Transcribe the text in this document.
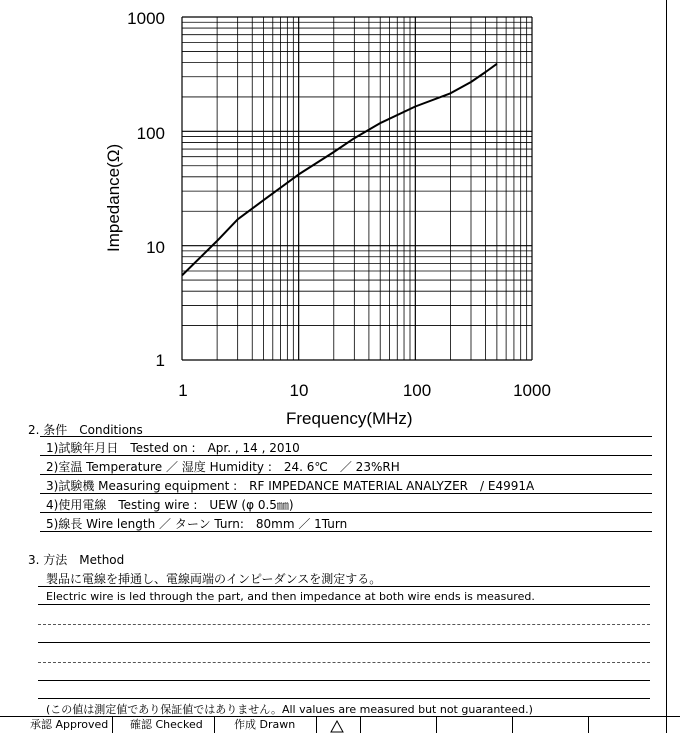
1000
100
10
1
1	10	100	1000
Impedance(Ω)
Frequency(MHz)
2. 条件　Conditions
1)試験年月日　Tested on :　Apr. , 14 , 2010
2)室温 Temperature ／ 湿度 Humidity :　24. 6℃　／ 23%RH
3)試験機 Measuring equipment :　RF IMPEDANCE MATERIAL ANALYZER　/ E4991A
4)使用電線　Testing wire :　UEW (φ 0.5㎜)
5)線長 Wire length ／ ターン Turn:　80mm ／ 1Turn
3. 方法　Method
製品に電線を挿通し、電線両端のインピーダンスを測定する。
Electric wire is led through the part, and then impedance at both wire ends is measured.
(この値は測定値であり保証値ではありません。All values are measured but not guaranteed.)
承認 Approved 確認 Checked	作成 Drawn
